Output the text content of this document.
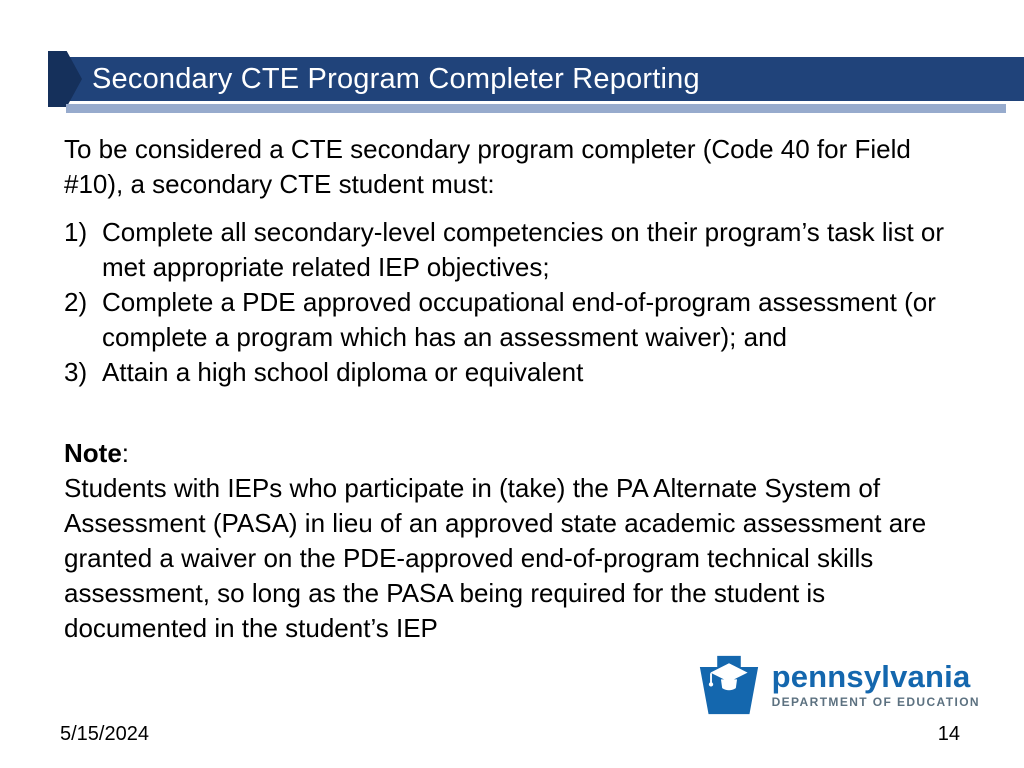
Secondary CTE Program Completer Reporting

To be considered a CTE secondary program completer (Code 40 for Field #10), a secondary CTE student must:

1) Complete all secondary-level competencies on their program’s task list or met appropriate related IEP objectives;
2) Complete a PDE approved occupational end-of-program assessment (or complete a program which has an assessment waiver); and
3) Attain a high school diploma or equivalent

Note:

Students with IEPs who participate in (take) the PA Alternate System of Assessment (PASA) in lieu of an approved state academic assessment are granted a waiver on the PDE-approved end-of-program technical skills assessment, so long as the PASA being required for the student is documented in the student’s IEP

pennsylvania
DEPARTMENT OF EDUCATION
5/15/2024	14
